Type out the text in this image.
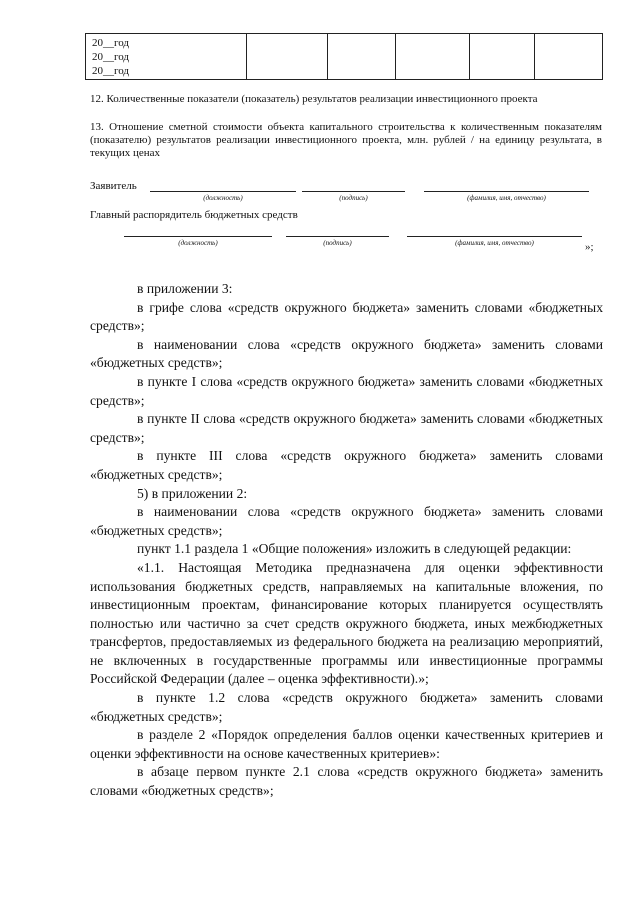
20__год
20__год
20__год

12. Количественные показатели (показатель) результатов реализации инвестиционного проекта
13. Отношение сметной стоимости объекта капитального строительства к количественным показателям (показателю) результатов реализации инвестиционного проекта, млн. рублей / на единицу результата, в текущих ценах
Заявитель
(должность)	(подпись)	(фамилия, имя, отчество)
Главный распорядитель бюджетных средств
(должность)	(подпись)	(фамилия, имя, отчество)	»;

в приложении 3:

в грифе слова «средств окружного бюджета» заменить словами «бюджетных средств»;

в наименовании слова «средств окружного бюджета» заменить словами «бюджетных средств»;

в пункте I слова «средств окружного бюджета» заменить словами «бюджетных средств»;

в пункте II слова «средств окружного бюджета» заменить словами «бюджетных средств»;

в пункте III слова «средств окружного бюджета» заменить словами «бюджетных средств»;

5) в приложении 2:

в наименовании слова «средств окружного бюджета» заменить словами «бюджетных средств»;

пункт 1.1 раздела 1 «Общие положения» изложить в следующей редакции:

«1.1. Настоящая Методика предназначена для оценки эффективности использования бюджетных средств, направляемых на капитальные вложения, по инвестиционным проектам, финансирование которых планируется осуществлять полностью или частично за счет средств окружного бюджета, иных межбюджетных трансфертов, предоставляемых из федерального бюджета на реализацию мероприятий, не включенных в государственные программы или инвестиционные программы Российской Федерации (далее – оценка эффективности).»;

в пункте 1.2 слова «средств окружного бюджета» заменить словами «бюджетных средств»;

в разделе 2 «Порядок определения баллов оценки качественных критериев и оценки эффективности на основе качественных критериев»:

в абзаце первом пункте 2.1 слова «средств окружного бюджета» заменить словами «бюджетных средств»;
